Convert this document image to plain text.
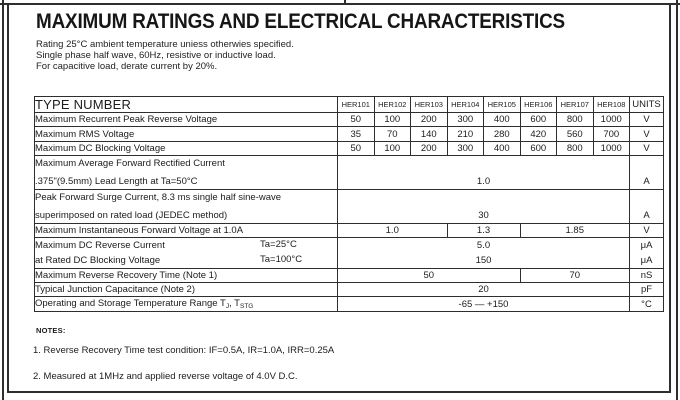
MAXIMUM RATINGS AND ELECTRICAL CHARACTERISTICS
Rating 25°C ambient temperature uniess otherwies specified.
Single phase half wave, 60Hz, resistive or inductive load.
For capacitive load, derate current by 20%.
TYPE NUMBER	HER101	HER102	HER103	HER104	HER105	HER106	HER107	HER108	UNITS
Maximum Recurrent Peak Reverse Voltage	50	100	200	300	400	600	800	1000	V
Maximum RMS Voltage	35	70	140	210	280	420	560	700	V
Maximum DC Blocking Voltage	50	100	200	300	400	600	800	1000	V

Maximum Average Forward Rectified Current
.375"(9.5mm) Lead Length at Ta=50°C	1.0								A

Peak Forward Surge Current, 8.3 ms single half sine-wave
superimposed on rated load (JEDEC method)	30								A
Maximum Instantaneous Forward Voltage at 1.0A	1.0			1.3		1.85			V
Maximum DC Reverse Current Ta=25°C	5.0								μA
at Rated DC Blocking Voltage Ta=100°C	150								μA
Maximum Reverse Recovery Time (Note 1)	50					70			nS
Typical Junction Capacitance (Note 2)	20								pF
Operating and Storage Temperature Range $T_J$, $T_{STG}$	-65 — +150								°C
NOTES:
1. Reverse Recovery Time test condition: IF=0.5A, IR=1.0A, IRR=0.25A
2. Measured at 1MHz and applied reverse voltage of 4.0V D.C.
